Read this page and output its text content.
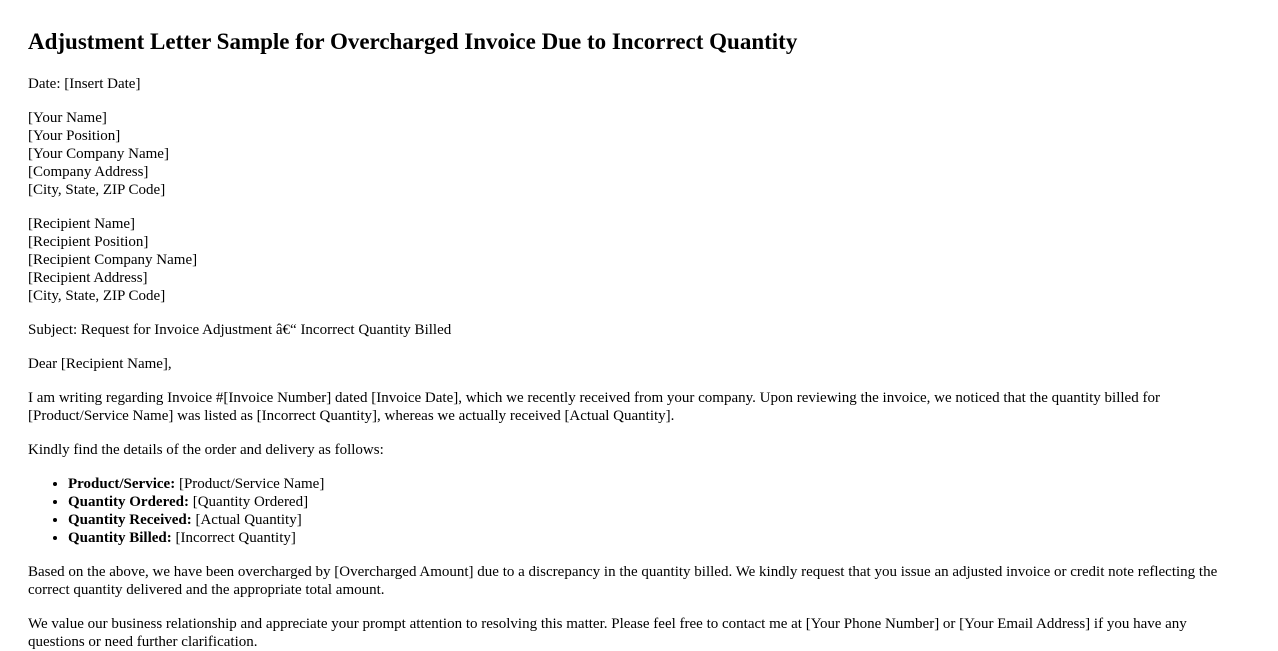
Adjustment Letter Sample for Overcharged Invoice Due to Incorrect Quantity

Date: [Insert Date]

[Your Name]
[Your Position]
[Your Company Name]
[Company Address]
[City, State, ZIP Code]
[Recipient Name]
[Recipient Position]
[Recipient Company Name]
[Recipient Address]
[City, State, ZIP Code]

Subject: Request for Invoice Adjustment â€“ Incorrect Quantity Billed

Dear [Recipient Name],

I am writing regarding Invoice #[Invoice Number] dated [Invoice Date], which we recently received from your company. Upon reviewing the invoice, we noticed that the quantity billed for [Product/Service Name] was listed as [Incorrect Quantity], whereas we actually received [Actual Quantity].

Kindly find the details of the order and delivery as follows:

• Product/Service: [Product/Service Name]
• Quantity Ordered: [Quantity Ordered]
• Quantity Received: [Actual Quantity]
• Quantity Billed: [Incorrect Quantity]

Based on the above, we have been overcharged by [Overcharged Amount] due to a discrepancy in the quantity billed. We kindly request that you issue an adjusted invoice or credit note reflecting the correct quantity delivered and the appropriate total amount.

We value our business relationship and appreciate your prompt attention to resolving this matter. Please feel free to contact me at [Your Phone Number] or [Your Email Address] if you have any questions or need further clarification.
